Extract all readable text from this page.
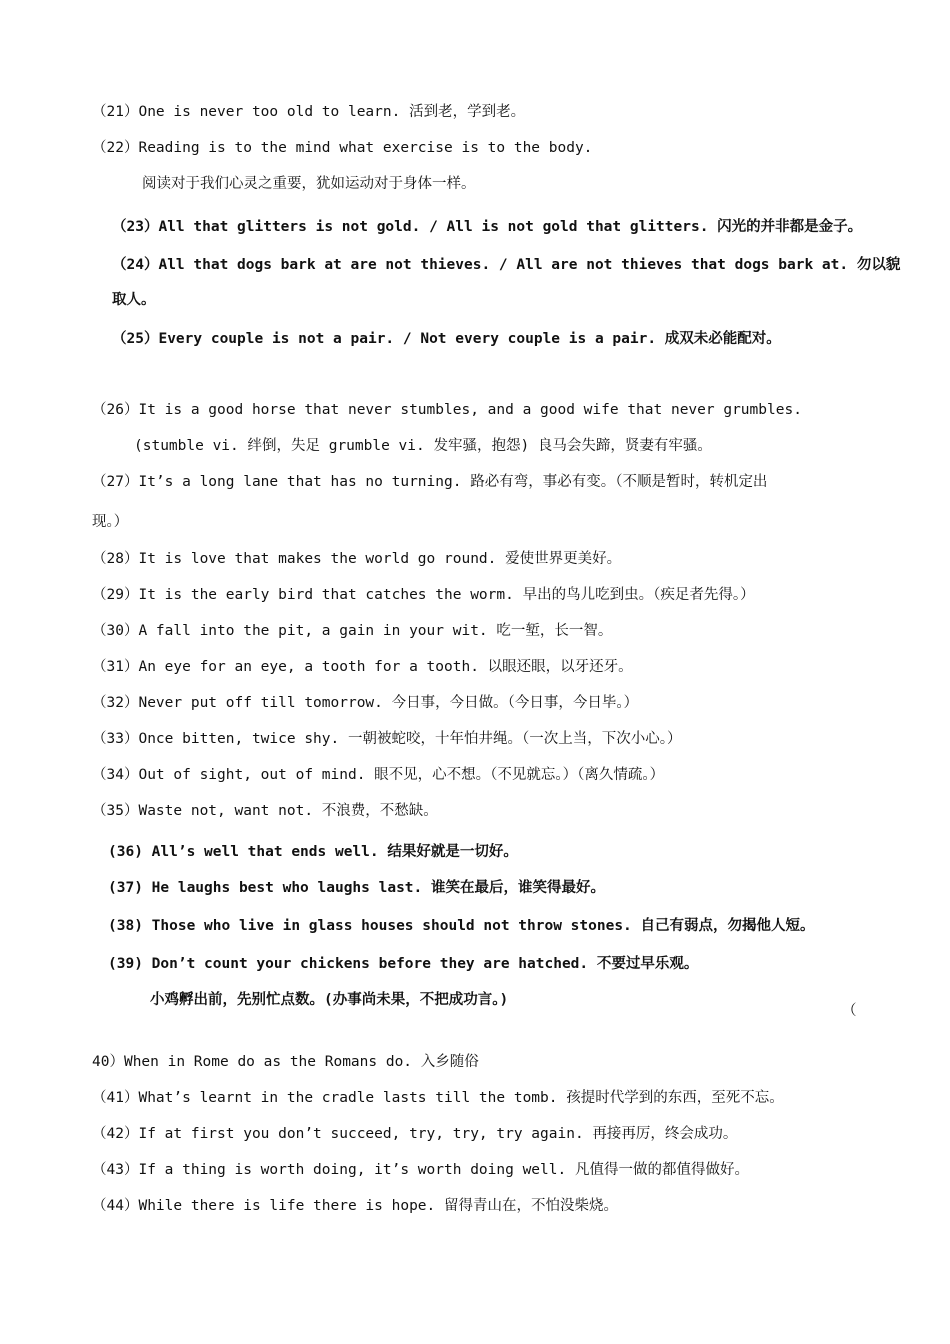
（21）One is never too old to learn. 活到老，学到老。
（22）Reading is to the mind what exercise is to the body.
阅读对于我们心灵之重要，犹如运动对于身体一样。
（23）All that glitters is not gold. / All is not gold that glitters. 闪光的并非都是金子。
（24）All that dogs bark at are not thieves. / All are not thieves that dogs bark at. 勿以貌
取人。
（25）Every couple is not a pair. / Not every couple is a pair. 成双未必能配对。
（26）It is a good horse that never stumbles, and a good wife that never grumbles.
(stumble vi. 绊倒，失足 grumble vi. 发牢骚，抱怨) 良马会失蹄，贤妻有牢骚。
（27）It’s a long lane that has no turning. 路必有弯，事必有变。（不顺是暂时，转机定出
现。）
（28）It is love that makes the world go round. 爱使世界更美好。
（29）It is the early bird that catches the worm. 早出的鸟儿吃到虫。（疾足者先得。）
（30）A fall into the pit, a gain in your wit. 吃一堑，长一智。
（31）An eye for an eye, a tooth for a tooth. 以眼还眼，以牙还牙。
（32）Never put off till tomorrow. 今日事，今日做。（今日事，今日毕。）
（33）Once bitten, twice shy. 一朝被蛇咬，十年怕井绳。（一次上当，下次小心。）
（34）Out of sight, out of mind. 眼不见，心不想。（不见就忘。）（离久情疏。）
（35）Waste not, want not. 不浪费，不愁缺。
(36) All’s well that ends well. 结果好就是一切好。
(37) He laughs best who laughs last. 谁笑在最后，谁笑得最好。
(38) Those who live in glass houses should not throw stones. 自己有弱点，勿揭他人短。
(39) Don’t count your chickens before they are hatched. 不要过早乐观。
小鸡孵出前，先别忙点数。(办事尚未果，不把成功言。)
（
40）When in Rome do as the Romans do. 入乡随俗
（41）What’s learnt in the cradle lasts till the tomb. 孩提时代学到的东西，至死不忘。
（42）If at first you don’t succeed, try, try, try again. 再接再厉，终会成功。
（43）If a thing is worth doing, it’s worth doing well. 凡值得一做的都值得做好。
（44）While there is life there is hope. 留得青山在，不怕没柴烧。
